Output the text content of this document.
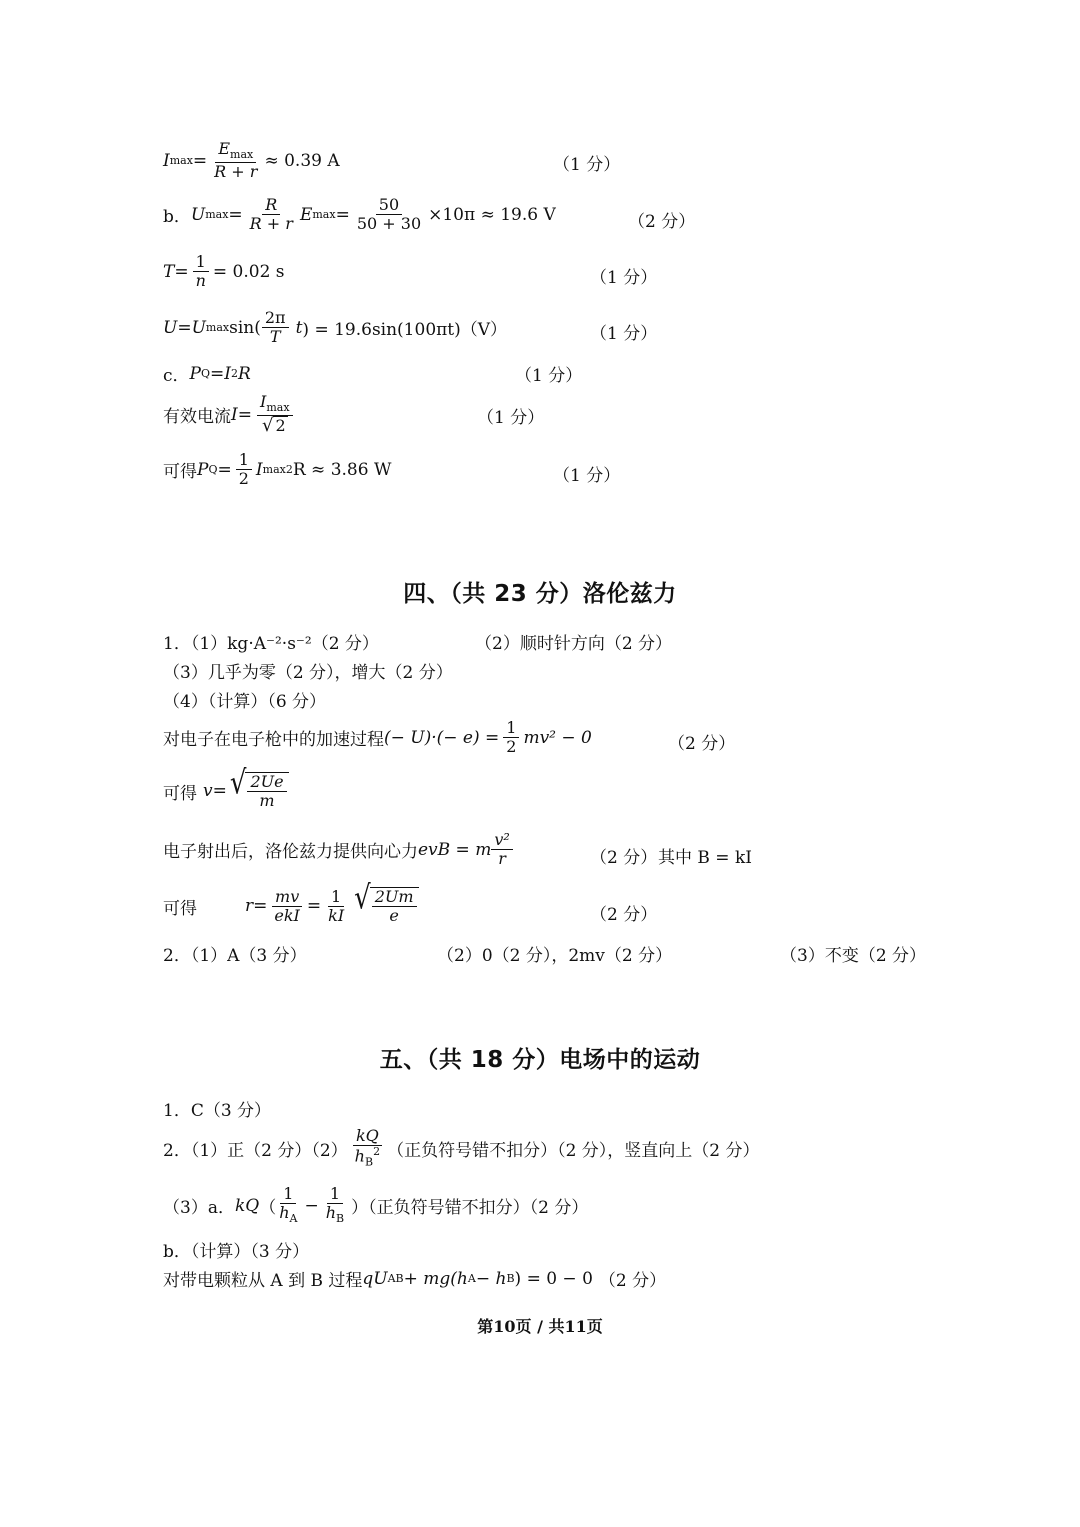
I $\max = \frac{E_{max}}{R + r} \approx 0.39$ A	（1 分）
b． U $\max = \frac{R}{R + r}$ E $\max = \frac{50}{50 + 30} \times 10\pi \approx 19.6$ V	（2 分）
$T = \frac{1}{n} = 0.02$ s	（1 分）
U = U $\max \sin( \frac{2\pi}{T}$ t ) = 19.6sin(100πt)（V）	（1 分）
c． P Q = I 2 R	（1 分）
有效电流 $I = \frac{I_{max}}{√ 2}$	（1 分）
可得 P $Q = \frac{1}{2}$ I max 2 R ≈ 3.86 W	（1 分）
四、（共 23 分）洛伦兹力
1．（1）kg·A⁻²·s⁻²（2 分）	（2）顺时针方向（2 分）
（3）几乎为零（2 分），增大（2 分）
（4）（计算）（6 分）
对电子在电子枪中的加速过程 (− $U)\cdot(- e) = \frac{1}{2} mv^2 - 0$	（2 分）
可得 v = √ $\frac{2Ue}{m}$
电子射出后，洛伦兹力提供向心力 evB = m $\frac{\text{v²}}{r}$	（2 分） 其中 B = kI
可得	$r = \frac{mv}{\text{ekI}} = \frac{1}{kI}$ √ $\frac{2Um}{e}$	（2 分）
2．（1）A（3 分）	（2）0（2 分），2mv（2 分）	（3）不变（2 分）
五、（共 18 分）电场中的运动
1．C（3 分）
2．（1）正（2 分）$(2) \frac{kQ}{h_B^2}$ （正负符号错不扣分）（2 分），竖直向上（2 分）
（3）a． kQ （ $\frac{1}{h_A} - \frac{1}{h_B}$ ）（正负符号错不扣分）（2 分）
b．（计算）（3 分）
对带电颗粒从 A 到 B 过程 qU AB + mg(h A − h B ) = 0 − 0 （2 分）
第10页 / 共11页
